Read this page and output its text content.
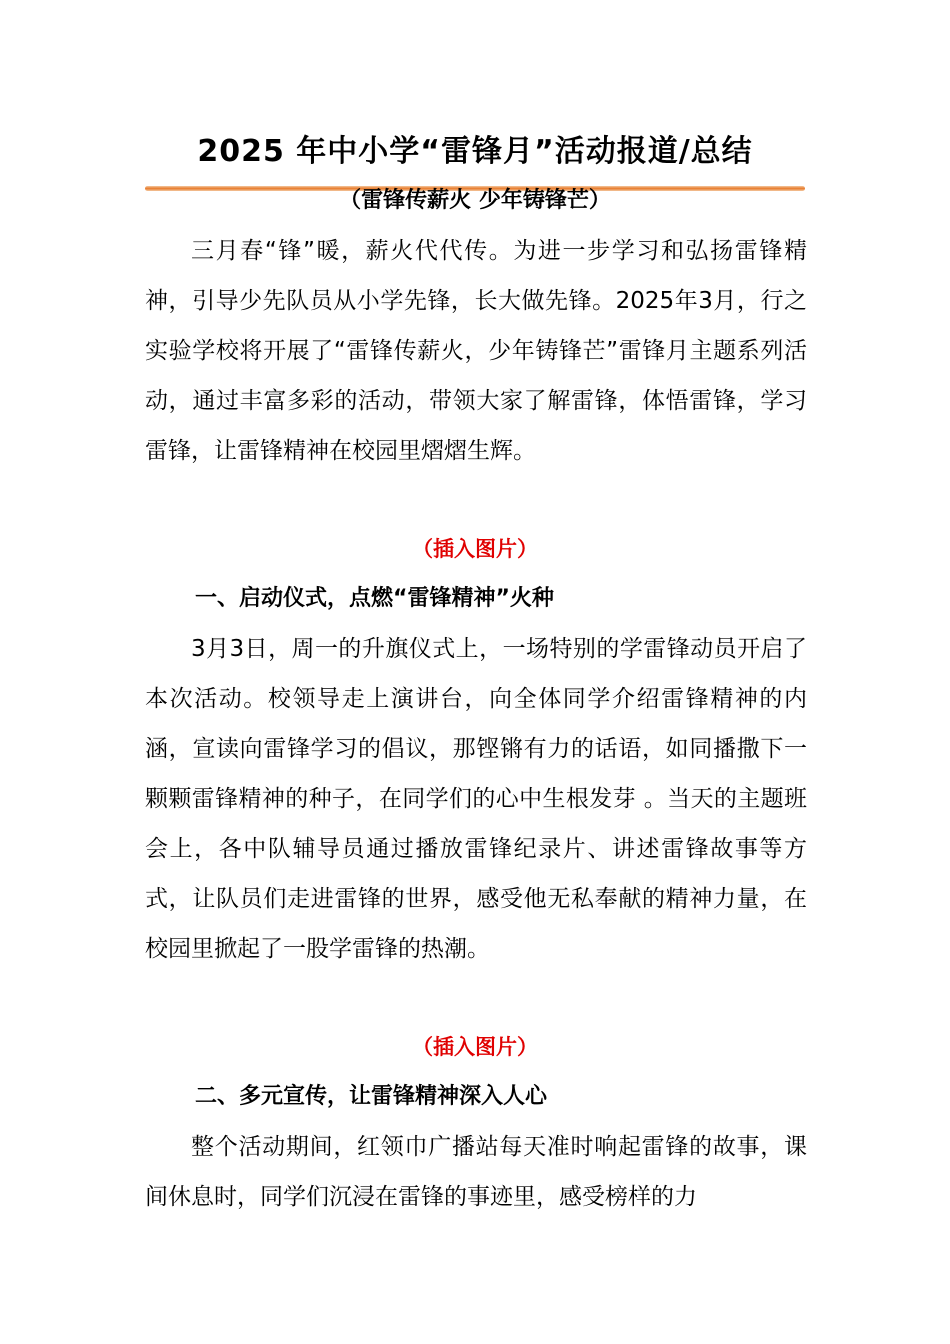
2025 年中小学“雷锋月”活动报道/总结
（雷锋传薪火 少年铸锋芒）

三月春“锋”暖，薪火代代传。为进一步学习和弘扬雷锋精神，引导少先队员从小学先锋，长大做先锋。2025年3月，行之实验学校将开展了“雷锋传薪火，少年铸锋芒”雷锋月主题系列活动，通过丰富多彩的活动，带领大家了解雷锋，体悟雷锋，学习雷锋，让雷锋精神在校园里熠熠生辉。

（插入图片）

一、启动仪式，点燃“雷锋精神”火种

3月3日，周一的升旗仪式上，一场特别的学雷锋动员开启了本次活动。校领导走上演讲台，向全体同学介绍雷锋精神的内涵，宣读向雷锋学习的倡议，那铿锵有力的话语，如同播撒下一颗颗雷锋精神的种子，在同学们的心中生根发芽 。当天的主题班会上，各中队辅导员通过播放雷锋纪录片、讲述雷锋故事等方式，让队员们走进雷锋的世界，感受他无私奉献的精神力量，在校园里掀起了一股学雷锋的热潮。

（插入图片）

二、多元宣传，让雷锋精神深入人心

整个活动期间，红领巾广播站每天准时响起雷锋的故事，课间休息时，同学们沉浸在雷锋的事迹里，感受榜样的力
